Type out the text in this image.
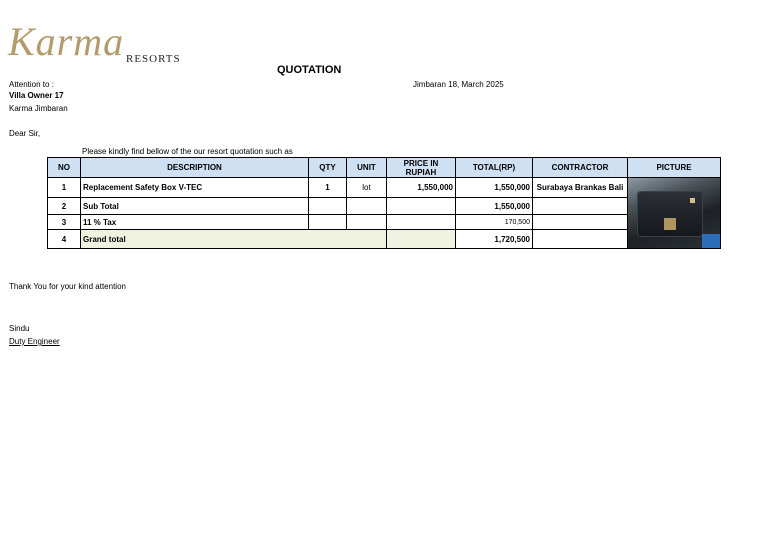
Karma RESORTS
QUOTATION
Jimbaran 18, March 2025
Attention to :
Villa Owner 17
Karma Jimbaran
Dear Sir,
Please kindly find bellow of the our resort quotation such as
NO	DESCRIPTION	QTY	UNIT	PRICE IN RUPIAH	TOTAL(RP)	CONTRACTOR	PICTURE
1	Replacement Safety Box V-TEC	1	lot	1,550,000	1,550,000	Surabaya Brankas Bali	

2	Sub Total				1,550,000		
3	11 % Tax				170,500		
4	Grand total				1,720,500		
Thank You for your kind attention
Sindu
Duty Engineer
